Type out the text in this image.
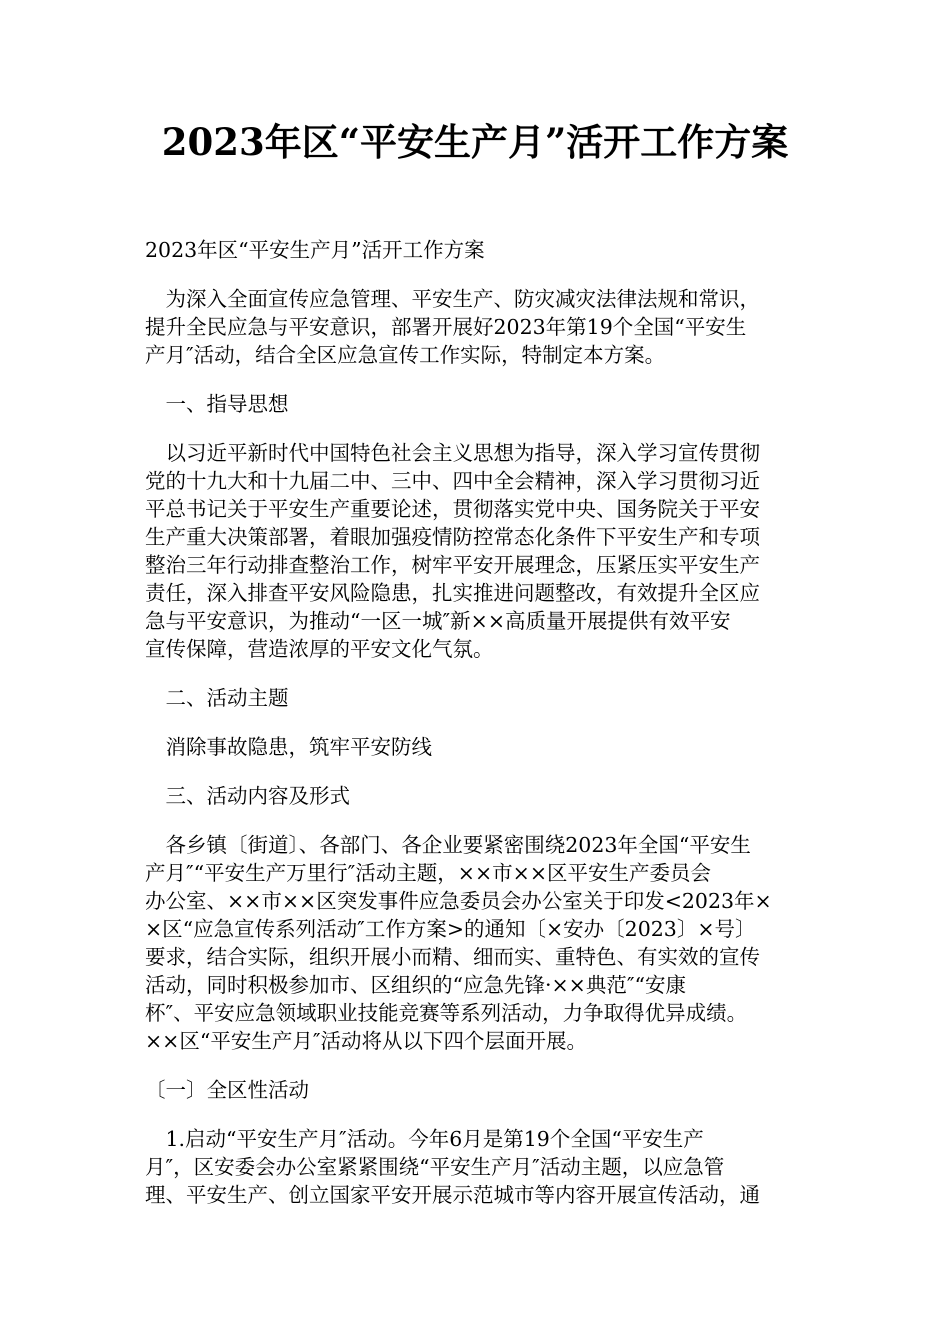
2023年区“平安生产月”活开工作方案
2023年区“平安生产月”活开工作方案
　为深入全面宣传应急管理、平安生产、防灾减灾法律法规和常识，
提升全民应急与平安意识，部署开展好2023年第19个全国“平安生
产月″活动，结合全区应急宣传工作实际，特制定本方案。
　一、指导思想
　以习近平新时代中国特色社会主义思想为指导，深入学习宣传贯彻
党的十九大和十九届二中、三中、四中全会精神，深入学习贯彻习近
平总书记关于平安生产重要论述，贯彻落实党中央、国务院关于平安
生产重大决策部署，着眼加强疫情防控常态化条件下平安生产和专项
整治三年行动排查整治工作，树牢平安开展理念，压紧压实平安生产
责任，深入排查平安风险隐患，扎实推进问题整改，有效提升全区应
急与平安意识，为推动“一区一城″新××高质量开展提供有效平安
宣传保障，营造浓厚的平安文化气氛。
　二、活动主题
　消除事故隐患，筑牢平安防线
　三、活动内容及形式
　各乡镇〔街道〕、各部门、各企业要紧密围绕2023年全国“平安生
产月″“平安生产万里行″活动主题，××市××区平安生产委员会
办公室、××市××区突发事件应急委员会办公室关于印发<2023年×
×区“应急宣传系列活动″工作方案>的通知〔×安办〔2023〕×号〕
要求，结合实际，组织开展小而精、细而实、重特色、有实效的宣传
活动，同时积极参加市、区组织的“应急先锋·××典范″“安康
杯″、平安应急领域职业技能竞赛等系列活动，力争取得优异成绩。
××区“平安生产月″活动将从以下四个层面开展。
〔一〕全区性活动
　1.启动“平安生产月″活动。今年6月是第19个全国“平安生产
月″，区安委会办公室紧紧围绕“平安生产月″活动主题，以应急管
理、平安生产、创立国家平安开展示范城市等内容开展宣传活动，通
